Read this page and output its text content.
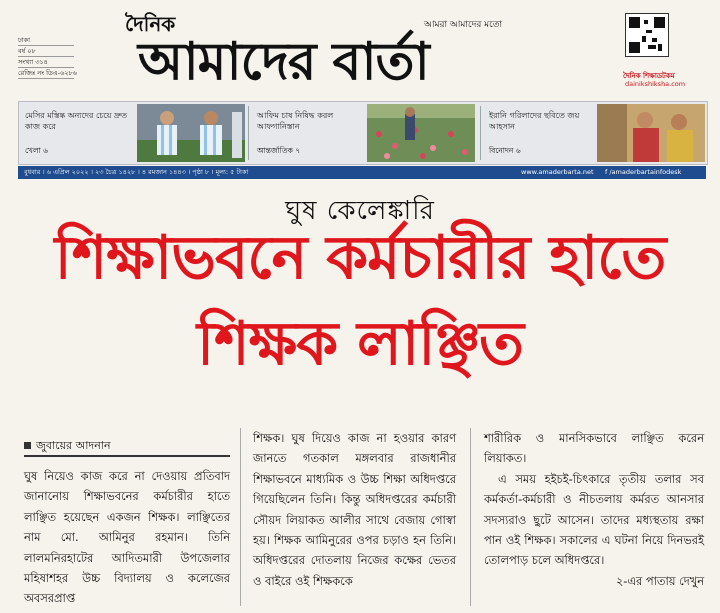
ঢাকা
বর্ষ ০৮
সংখ্যা ৩১৪
রেজিঃ নং ডিএ-৬২৮৬
দৈনিক
আমাদের বার্তা
আমরা আমাদের মতো
দৈনিক শিক্ষাডটকম
dainikshiksha.com
মেসির মস্তিষ্ক অন্যদের চেয়ে দ্রুত কাজ করে
খেলা ৬
আফিম চাষ নিষিদ্ধ করল আফগানিস্তান
আন্তর্জাতিক ৭
ইরানি গরিলাদের ছবিতে জয় আহসান
বিনোদন ৬
বুধবার । ৬ এপ্রিল ২০২২ । ২৩ চৈত্র ১৪২৮ । ৪ রমজান ১৪৪৩ । পৃষ্ঠা ৮ । মূল্য: ৫ টাকা	www.amaderbarta.net f /amaderbartainfodesk
ঘুষ কেলেঙ্কারি
শিক্ষাভবনে কর্মচারীর হাতে
শিক্ষক লাঞ্ছিত
জুবায়ের আদনান
ঘুষ নিয়েও কাজ করে না দেওয়ায় প্রতিবাদ জানানোয় শিক্ষাভবনের কর্মচারীর হাতে লাঞ্ছিত হয়েছেন একজন শিক্ষক। লাঞ্ছিতের নাম মো. আমিনুর রহমান। তিনি লালমনিরহাটের আদিতমারী উপজেলার মহিষাশহর উচ্চ বিদ্যালয় ও কলেজের অবসরপ্রাপ্ত
শিক্ষক। ঘুষ দিয়েও কাজ না হওয়ার কারণ জানতে গতকাল মঙ্গলবার রাজধানীর শিক্ষাভবনে মাধ্যমিক ও উচ্চ শিক্ষা অধিদপ্তরে গিয়েছিলেন তিনি। কিন্তু অধিদপ্তরের কর্মচারী সৌয়দ লিয়াকত আলীর সাথে বেজায় গোস্বা হয়। শিক্ষক আমিনুরের ওপর চড়াও হন তিনি। অধিদপ্তরের দোতলায় নিজের কক্ষের ভেতর ও বাইরে ওই শিক্ষককে
শারীরিক ও মানসিকভাবে লাঞ্ছিত করেন লিয়াকত।
এ সময় হইচই-চিৎকারে তৃতীয় তলার সব কর্মকর্তা-কর্মচারী ও নীচতলায় কর্মরত আনসার সদস্যরাও ছুটে আসেন। তাদের মধ্যস্থতায় রক্ষা পান ওই শিক্ষক। সকালের এ ঘটনা নিয়ে দিনভরই তোলপাড় চলে অধিদপ্তরে।
২-এর পাতায় দেখুন
